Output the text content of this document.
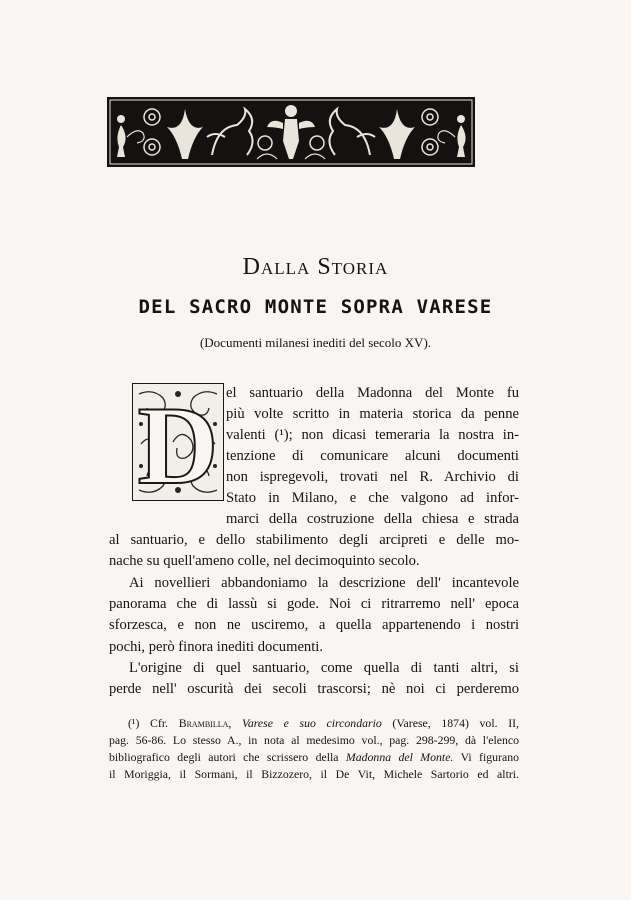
Dalla Storia
DEL SACRO MONTE SOPRA VARESE
(Documenti milanesi inediti del secolo XV).
D el santuario della Madonna del Monte fu
più volte scritto in materia storica da penne
valenti (¹); non dicasi temeraria la nostra in-
tenzione di comunicare alcuni documenti
non ispregevoli, trovati nel R. Archivio di
Stato in Milano, e che valgono ad infor-
marci della costruzione della chiesa e strada
al santuario, e dello stabilimento degli arcipreti e delle mo-
nache su quell'ameno colle, nel decimoquinto secolo.
Ai novellieri abbandoniamo la descrizione dell' incantevole
panorama che di lassù si gode. Noi ci ritrarremo nell' epoca
sforzesca, e non ne usciremo, a quella appartenendo i nostri
pochi, però finora inediti documenti.
L'origine di quel santuario, come quella di tanti altri, si
perde nell' oscurità dei secoli trascorsi; nè noi ci perderemo
(¹) Cfr. Brambilla, Varese e suo circondario (Varese, 1874) vol. II,
pag. 56-86. Lo stesso A., in nota al medesimo vol., pag. 298-299, dà l'elenco
bibliografico degli autori che scrissero della Madonna del Monte. Vi figurano
il Moriggia, il Sormani, il Bizzozero, il De Vit, Michele Sartorio ed altri.
